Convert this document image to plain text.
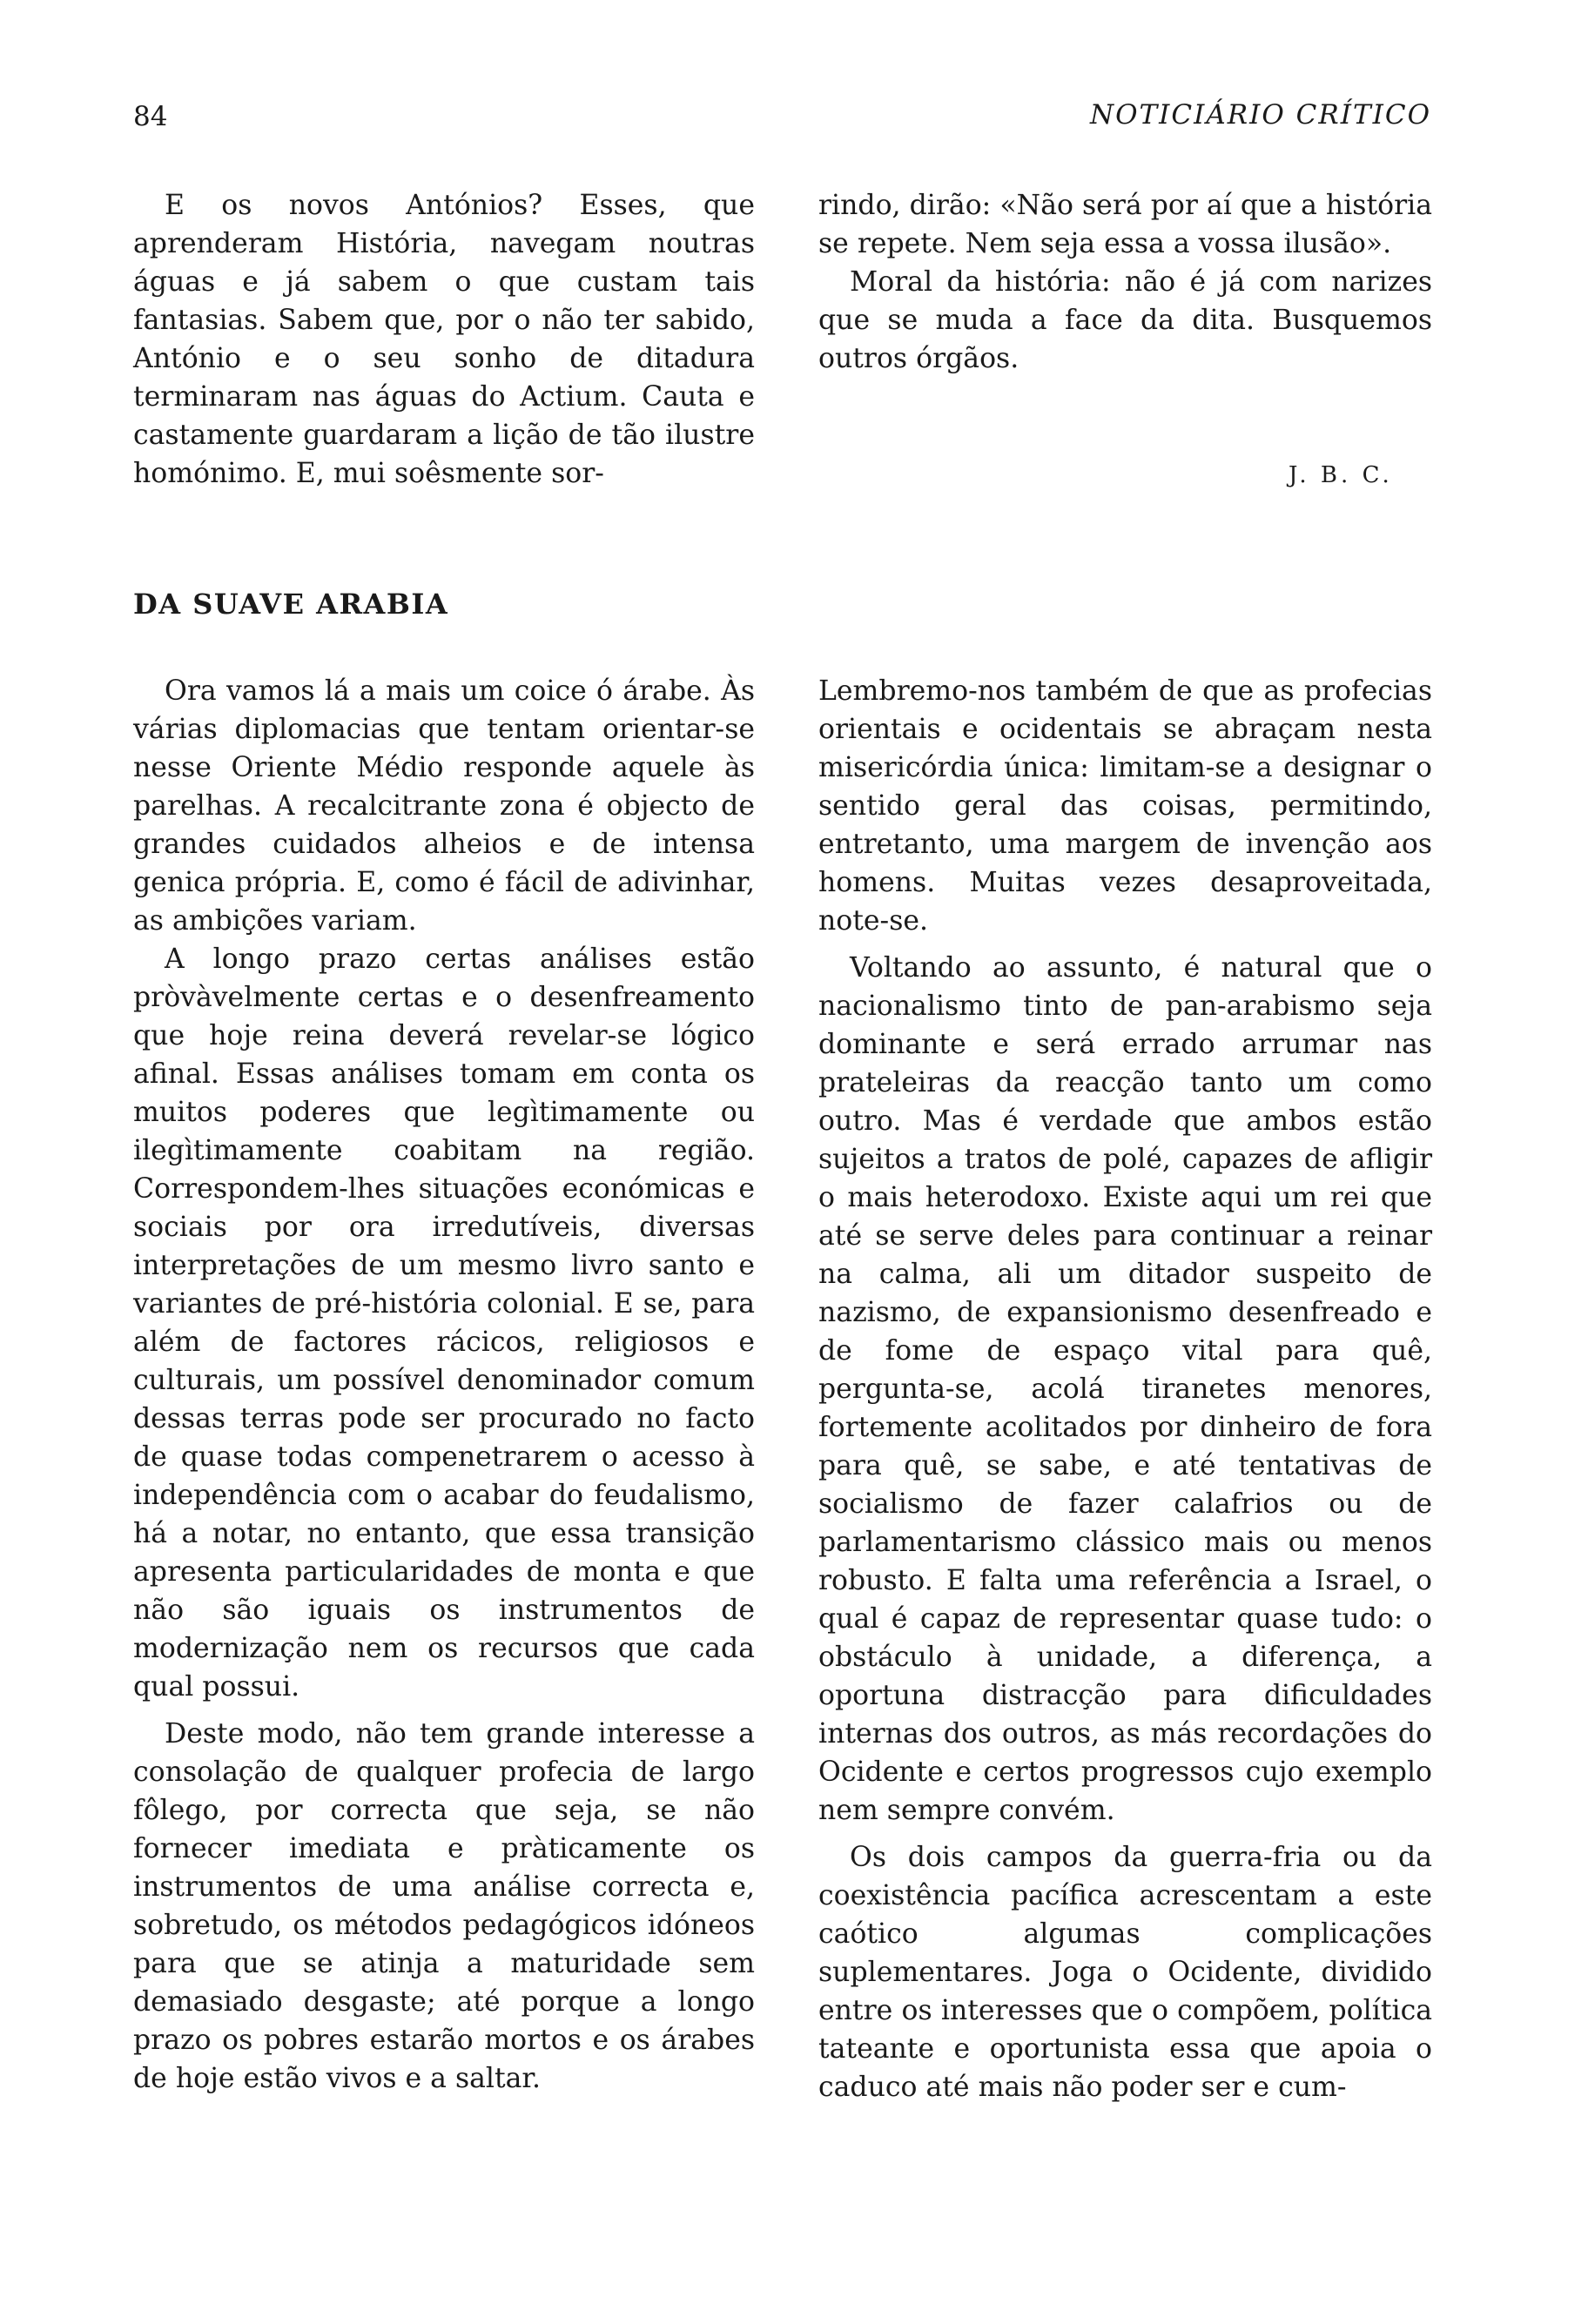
84	NOTICIÁRIO CRÍTICO

E os novos Antónios? Esses, que aprenderam História, navegam noutras águas e já sabem o que custam tais fantasias. Sabem que, por o não ter sabido, António e o seu sonho de ditadura terminaram nas águas do Actium. Cauta e castamente guardaram a lição de tão ilustre homónimo. E, mui soêsmente sor-

rindo, dirão: «Não será por aí que a história se repete. Nem seja essa a vossa ilusão».

Moral da história: não é já com narizes que se muda a face da dita. Busquemos outros órgãos.

J. B. C.
DA SUAVE ARABIA

Ora vamos lá a mais um coice ó árabe. Às várias diplomacias que tentam orientar-se nesse Oriente Médio responde aquele às parelhas. A recalcitrante zona é objecto de grandes cuidados alheios e de intensa genica própria. E, como é fácil de adivinhar, as ambições variam.

A longo prazo certas análises estão pròvàvelmente certas e o desenfreamento que hoje reina deverá revelar-se lógico afinal. Essas análises tomam em conta os muitos poderes que legìtimamente ou ilegìtimamente coabitam na região. Correspondem-lhes situações económicas e sociais por ora irredutíveis, diversas interpretações de um mesmo livro santo e variantes de pré-história colonial. E se, para além de factores rácicos, religiosos e culturais, um possível denominador comum dessas terras pode ser procurado no facto de quase todas compenetrarem o acesso à independência com o acabar do feudalismo, há a notar, no entanto, que essa transição apresenta particularidades de monta e que não são iguais os instrumentos de modernização nem os recursos que cada qual possui.

Deste modo, não tem grande interesse a consolação de qualquer profecia de largo fôlego, por correcta que seja, se não fornecer imediata e pràticamente os instrumentos de uma análise correcta e, sobretudo, os métodos pedagógicos idóneos para que se atinja a maturidade sem demasiado desgaste; até porque a longo prazo os pobres estarão mortos e os árabes de hoje estão vivos e a saltar.

Lembremo-nos também de que as profecias orientais e ocidentais se abraçam nesta misericórdia única: limitam-se a designar o sentido geral das coisas, permitindo, entretanto, uma margem de invenção aos homens. Muitas vezes desaproveitada, note-se.

Voltando ao assunto, é natural que o nacionalismo tinto de pan-arabismo seja dominante e será errado arrumar nas prateleiras da reacção tanto um como outro. Mas é verdade que ambos estão sujeitos a tratos de polé, capazes de afligir o mais heterodoxo. Existe aqui um rei que até se serve deles para continuar a reinar na calma, ali um ditador suspeito de nazismo, de expansionismo desenfreado e de fome de espaço vital para quê, pergunta-se, acolá tiranetes menores, fortemente acolitados por dinheiro de fora para quê, se sabe, e até tentativas de socialismo de fazer calafrios ou de parlamentarismo clássico mais ou menos robusto. E falta uma referência a Israel, o qual é capaz de representar quase tudo: o obstáculo à unidade, a diferença, a oportuna distracção para dificuldades internas dos outros, as más recordações do Ocidente e certos progressos cujo exemplo nem sempre convém.

Os dois campos da guerra-fria ou da coexistência pacífica acrescentam a este caótico algumas complicações suplementares. Joga o Ocidente, dividido entre os interesses que o compõem, política tateante e oportunista essa que apoia o caduco até mais não poder ser e cum-
